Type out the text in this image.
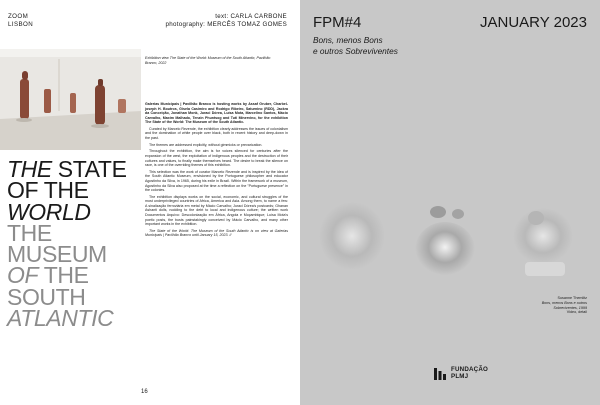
ZOOM
LISBON
text: CARLA CARBONE
photography: MERCÊS TOMAZ GOMES
Exhibition view The State of the World: Museum of the South Atlantic, Pavilhão Branco, 2022
THE STATE
OF THE
WORLD
THE
MUSEUM
OF THE
SOUTH
ATLANTIC

Galerias Municipais | Pavilhão Branco is hosting works by Assaf Gruber, Charbel-joseph H. Boutros, Gisela Casimiro and Rodrigo Ribeiro, Saturnino (RDD), Jackra da Conceição, Jonathan Monk, Juraci Dórea, Luísa Mota, Marcelino Santos, Mácio Carvalho, Maxim Malhado, Tenzin Phuntsog and Tuti Minervino, for the exhibition The State of the World: The Museum of the South Atlantic.

Curated by Marcelo Rezende, the exhibition clearly addresses the issues of colonialism and the domination of white people over black, both in recent history and deep-down in the past.

The themes are addressed explicitly, without gimmicks or prevarication.

Throughout the exhibition, the aim is for voices silenced for centuries after the expansion of the west, the exploitation of indigenous peoples and the destruction of their cultures and values, to finally make themselves heard. The desire to break the silence on race, is one of the overriding themes of this exhibition.

This selection was the work of curator Marcelo Rezende and is inspired by the idea of the South Atlantic Museum, envisioned by the Portuguese philosopher and educator Agostinho da Silva, in 1965, during his exile in Brazil. Within the framework of a museum, Agostinho da Silva also proposed at the time a reflection on the "Portuguese presence" in the colonies.

The exhibition displays works on the social, economic, and cultural struggles of the most underprivileged countries of Africa, America and Asia. Among them, to name a few: A sinalização ferroviária em metal by Mácio Carvalho; Juraci Dórea's postcards; Ghanan Ashanti dolls, nodding to the debt to local and indigenous culture; the written work Documentos Arquivo: Descolonização em África, Angola e Moçambique; Luísa Mota's poetic posts, the busts painstakingly conceived by Mácio Carvalho, and many other important works in the exhibition.

The State of the World: The Museum of the South Atlantic is on view at Galerias Municipais | Pavilhão Branco until January 15, 2023. //

16
FPM#4	JANUARY 2023
Bons, menos Bons
e outros Sobreviventes
Susanne Themlitz
Bons, menos Bons e outros
Sobreviventes, 1999
Video, detail
FUNDAÇÃO
PLMJ
